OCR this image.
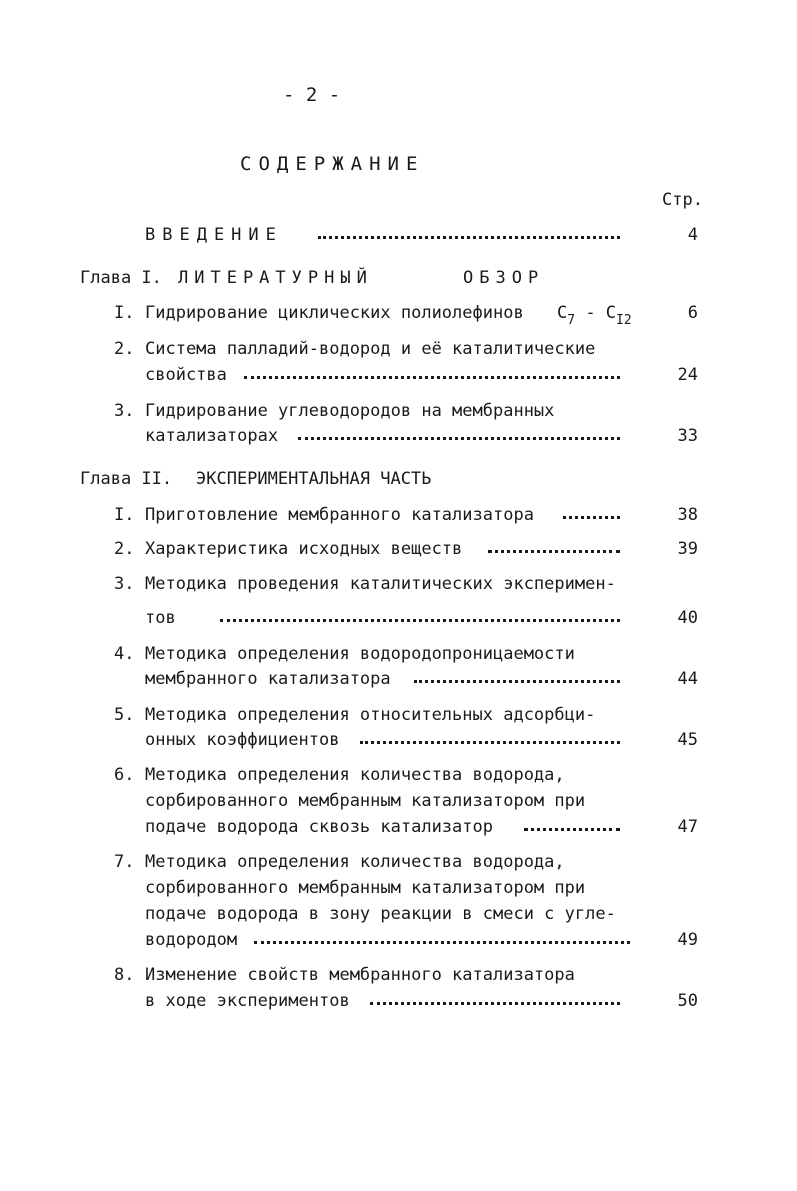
- 2 -
СОДЕРЖАНИЕ
Стр.
ВВЕДЕНИЕ	4
Глава I. ЛИТЕРАТУРНЫЙ	ОБЗОР
I. Гидрирование циклических полиолефинов $С_7 - С_{I2}$	6
2. Система палладий-водород и её каталитические
свойства	24
3. Гидрирование углеводородов на мембранных
катализаторах	33
Глава II. ЭКСПЕРИМЕНТАЛЬНАЯ ЧАСТЬ
I. Приготовление мембранного катализатора	38
2. Характеристика исходных веществ	39
3. Методика проведения каталитических эксперимен-
тов	40
4. Методика определения водородопроницаемости
мембранного катализатора	44
5. Методика определения относительных адсорбци-
онных коэффициентов	45
6. Методика определения количества водорода,
сорбированного мембранным катализатором при
подаче водорода сквозь катализатор	47
7. Методика определения количества водорода,
сорбированного мембранным катализатором при
подаче водорода в зону реакции в смеси с угле-
водородом	49
8. Изменение свойств мембранного катализатора
в ходе экспериментов	50
